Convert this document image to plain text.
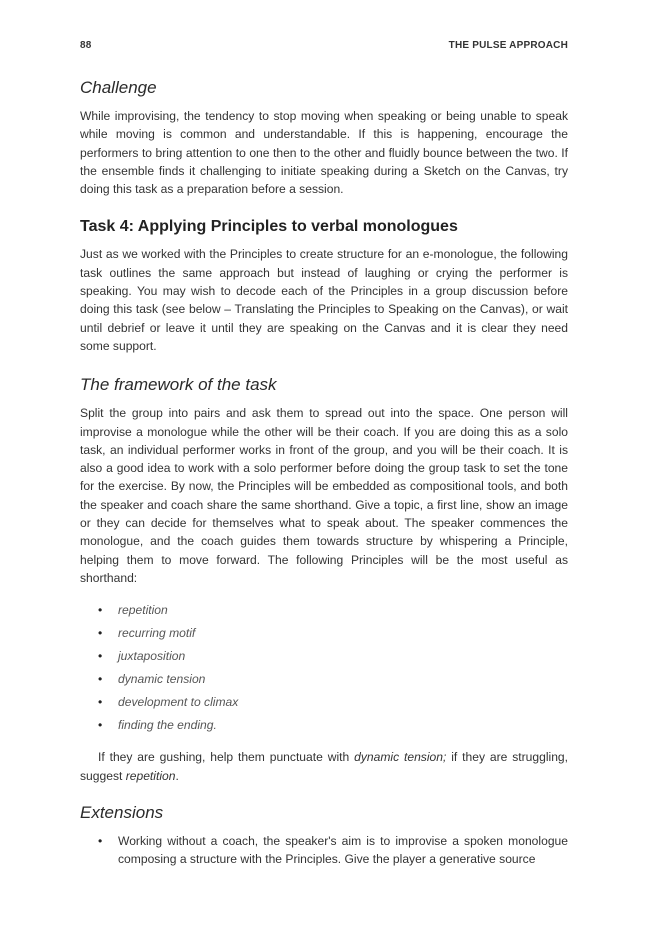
88	THE PULSE APPROACH
Challenge

While improvising, the tendency to stop moving when speaking or being unable to speak while moving is common and understandable. If this is happening, encourage the performers to bring attention to one then to the other and fluidly bounce between the two. If the ensemble finds it challenging to initiate speaking during a Sketch on the Canvas, try doing this task as a preparation before a session.

Task 4: Applying Principles to verbal monologues

Just as we worked with the Principles to create structure for an e-monologue, the following task outlines the same approach but instead of laughing or crying the performer is speaking. You may wish to decode each of the Principles in a group discussion before doing this task (see below – Translating the Principles to Speaking on the Canvas), or wait until debrief or leave it until they are speaking on the Canvas and it is clear they need some support.

The framework of the task

Split the group into pairs and ask them to spread out into the space. One person will improvise a monologue while the other will be their coach. If you are doing this as a solo task, an individual performer works in front of the group, and you will be their coach. It is also a good idea to work with a solo performer before doing the group task to set the tone for the exercise. By now, the Principles will be embedded as compositional tools, and both the speaker and coach share the same shorthand. Give a topic, a first line, show an image or they can decide for themselves what to speak about. The speaker commences the monologue, and the coach guides them towards structure by whispering a Principle, helping them to move forward. The following Principles will be the most useful as shorthand:

• repetition
• recurring motif
• juxtaposition
• dynamic tension
• development to climax
• finding the ending.

If they are gushing, help them punctuate with dynamic tension; if they are struggling, suggest repetition.

Extensions
• Working without a coach, the speaker's aim is to improvise a spoken monologue composing a structure with the Principles. Give the player a generative source
